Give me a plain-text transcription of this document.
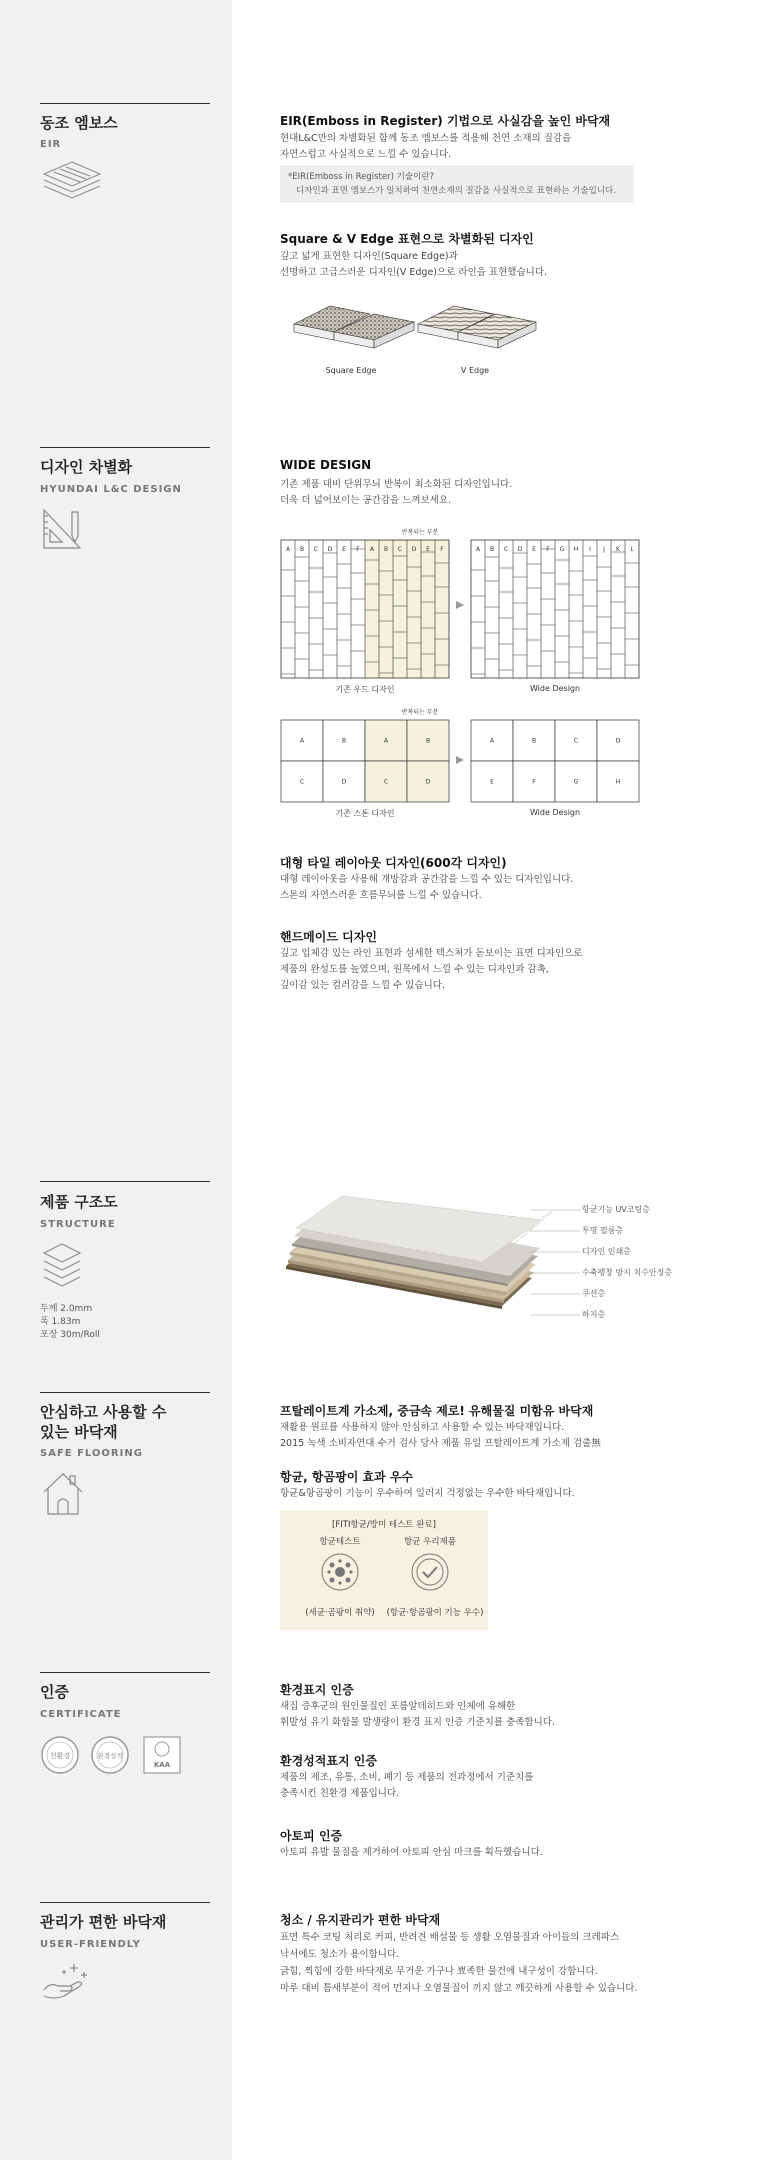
동조 엠보스
EIR
EIR(Emboss in Register) 기법으로 사실감을 높인 바닥재
현대L&C만의 차별화된 함께 동조 엠보스를 적용해 천연 소재의 질감을
자연스럽고 사실적으로 느낄 수 있습니다.
*EIR(Emboss in Register) 기술이란?
디자인과 표면 엠보스가 일치하여 천연소재의 질감을 사실적으로 표현하는 기술입니다.
Square & V Edge 표현으로 차별화된 디자인
깊고 넓게 표현한 디자인(Square Edge)과
선명하고 고급스러운 디자인(V Edge)으로 라인을 표현했습니다.
Square Edge	V Edge
디자인 차별화
HYUNDAI L&C DESIGN
WIDE DESIGN
기존 제품 대비 단위무늬 반복이 최소화된 디자인입니다.
더욱 더 넓어보이는 공간감을 느껴보세요.
반복되는 부분
A B C D E F A B C D E F	A B C D E F G H I J K L
기존 우드 디자인	Wide Design
반복되는 부분
A	B	A	B
C	D	C	D
A	B	C	D
E	F	G	H
기존 스톤 디자인	Wide Design
대형 타일 레이아웃 디자인(600각 디자인)
대형 레이아웃을 사용해 개방감과 공간감을 느낄 수 있는 디자인입니다.
스톤의 자연스러운 흐름무늬를 느낄 수 있습니다.
핸드메이드 디자인
깊고 입체감 있는 라인 표현과 섬세한 텍스처가 돋보이는 표면 디자인으로
제품의 완성도를 높였으며, 원목에서 느낄 수 있는 디자인과 감촉,
깊이감 있는 컬러감을 느낄 수 있습니다.
제품 구조도
STRUCTURE
두께 2.0mm
폭 1.83m
포장 30m/Roll
항균기능 UV코팅층
투명 필름층
디자인 인쇄층
수축팽창 방지 치수안정층
쿠션층
하지층
안심하고 사용할 수
있는 바닥재
SAFE FLOORING
프탈레이트계 가소제, 중금속 제로! 유해물질 미함유 바닥재
재활용 원료를 사용하지 않아 안심하고 사용할 수 있는 바닥재입니다.
2015 녹색 소비자연대 수거 검사 당사 제품 유일 프탈레이트계 가소제 검출無
항균, 항곰팡이 효과 우수
항균&항곰팡이 기능이 우수하여 일러지 걱정없는 우수한 바닥재입니다.
[FITI항균/방미 테스트 완료]
항균테스트	항균 우리제품
(세균·곰팡이 취약)	(항균·항곰팡이 기능 우수)
인증
CERTIFICATE
친환경	환경성적
KAA
환경표지 인증
새집 증후군의 원인물질인 포름알데히드와 인체에 유해한
휘발성 유기 화합물 발생량이 환경 표지 인증 기준치를 충족합니다.
환경성적표지 인증
제품의 제조, 유통, 소비, 폐기 등 제품의 전과정에서 기준치를
충족시킨 친환경 제품입니다.
아토피 인증
아토피 유발 물질을 제거하여 아토피 안심 마크를 획득했습니다.
관리가 편한 바닥재
USER-FRIENDLY
청소 / 유지관리가 편한 바닥재
표면 특수 코팅 처리로 커피, 반려견 배설물 등 생활 오염물질과 아이들의 크레파스
낙서에도 청소가 용이합니다.
긁힘, 찍힘에 강한 바닥재로 무거운 가구나 뾰족한 물건에 내구성이 강합니다.
마루 대비 틈새부분이 적어 먼지나 오염물질이 끼지 않고 깨끗하게 사용할 수 있습니다.
